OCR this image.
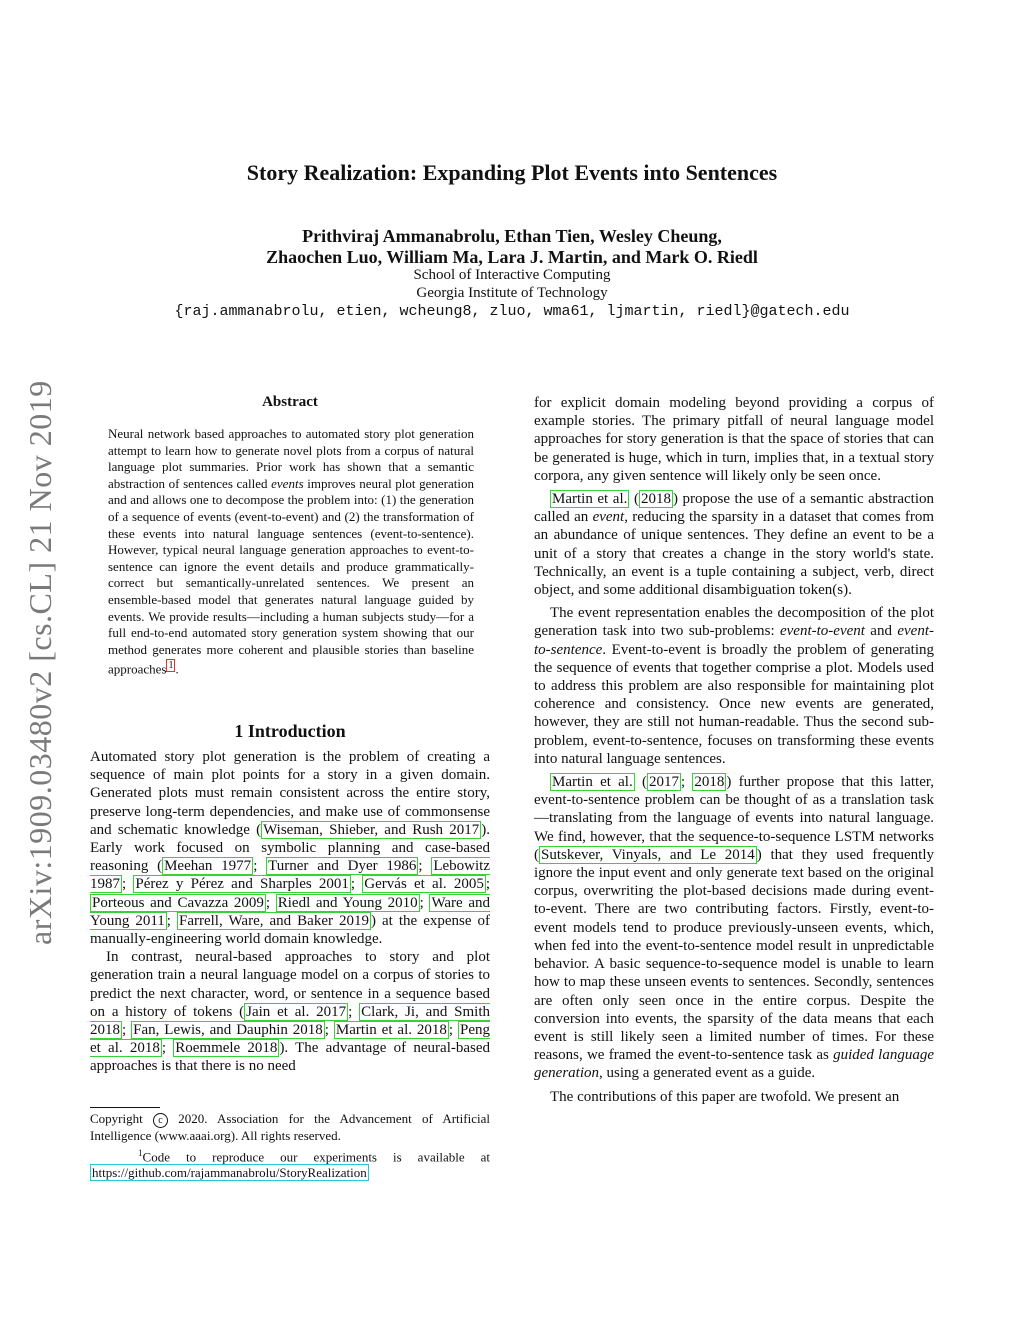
arXiv:1909.03480v2 [cs.CL] 21 Nov 2019
Story Realization: Expanding Plot Events into Sentences
Prithviraj Ammanabrolu, Ethan Tien, Wesley Cheung,
Zhaochen Luo, William Ma, Lara J. Martin, and Mark O. Riedl
School of Interactive Computing
Georgia Institute of Technology
{raj.ammanabrolu, etien, wcheung8, zluo, wma61, ljmartin, riedl}@gatech.edu
Abstract
Neural network based approaches to automated story plot generation attempt to learn how to generate novel plots from a corpus of natural language plot summaries. Prior work has shown that a semantic abstraction of sentences called events improves neural plot generation and and allows one to decompose the problem into: (1) the generation of a sequence of events (event-to-event) and (2) the transformation of these events into natural language sentences (event-to-sentence). However, typical neural language generation approaches to event-to-sentence can ignore the event details and produce grammatically-correct but semantically-unrelated sentences. We present an ensemble-based model that generates natural language guided by events. We provide results—including a human subjects study—for a full end-to-end automated story generation system showing that our method generates more coherent and plausible stories than baseline approaches $^1$ .
1 Introduction

Automated story plot generation is the problem of creating a sequence of main plot points for a story in a given domain. Generated plots must remain consistent across the entire story, preserve long-term dependencies, and make use of commonsense and schematic knowledge ( Wiseman, Shieber, and Rush 2017 ). Early work focused on symbolic planning and case-based reasoning ( Meehan 1977 ; Turner and Dyer 1986 ; Lebowitz 1987 ; Pérez y Pérez and Sharples 2001 ; Gervás et al. 2005 ; Porteous and Cavazza 2009 ; Riedl and Young 2010 ; Ware and Young 2011 ; Farrell, Ware, and Baker 2019 ) at the expense of manually-engineering world domain knowledge.

In contrast, neural-based approaches to story and plot generation train a neural language model on a corpus of stories to predict the next character, word, or sentence in a sequence based on a history of tokens ( Jain et al. 2017 ; Clark, Ji, and Smith 2018 ; Fan, Lewis, and Dauphin 2018 ; Martin et al. 2018 ; Peng et al. 2018 ; Roemmele 2018 ). The advantage of neural-based approaches is that there is no need

Copyright c 2020. Association for the Advancement of Artificial Intelligence (www.aaai.org). All rights reserved.

$^1$Code to reproduce our experiments is available at https://github.com/rajammanabrolu/StoryRealization

for explicit domain modeling beyond providing a corpus of example stories. The primary pitfall of neural language model approaches for story generation is that the space of stories that can be generated is huge, which in turn, implies that, in a textual story corpora, any given sentence will likely only be seen once.

Martin et al. ( 2018 ) propose the use of a semantic abstraction called an event, reducing the sparsity in a dataset that comes from an abundance of unique sentences. They define an event to be a unit of a story that creates a change in the story world's state. Technically, an event is a tuple containing a subject, verb, direct object, and some additional disambiguation token(s).

The event representation enables the decomposition of the plot generation task into two sub-problems: event-to-event and event-to-sentence. Event-to-event is broadly the problem of generating the sequence of events that together comprise a plot. Models used to address this problem are also responsible for maintaining plot coherence and consistency. Once new events are generated, however, they are still not human-readable. Thus the second sub-problem, event-to-sentence, focuses on transforming these events into natural language sentences.

Martin et al. ( 2017 ; 2018 ) further propose that this latter, event-to-sentence problem can be thought of as a translation task—translating from the language of events into natural language. We find, however, that the sequence-to-sequence LSTM networks ( Sutskever, Vinyals, and Le 2014 ) that they used frequently ignore the input event and only generate text based on the original corpus, overwriting the plot-based decisions made during event-to-event. There are two contributing factors. Firstly, event-to-event models tend to produce previously-unseen events, which, when fed into the event-to-sentence model result in unpredictable behavior. A basic sequence-to-sequence model is unable to learn how to map these unseen events to sentences. Secondly, sentences are often only seen once in the entire corpus. Despite the conversion into events, the sparsity of the data means that each event is still likely seen a limited number of times. For these reasons, we framed the event-to-sentence task as guided language generation, using a generated event as a guide.

The contributions of this paper are twofold. We present an
